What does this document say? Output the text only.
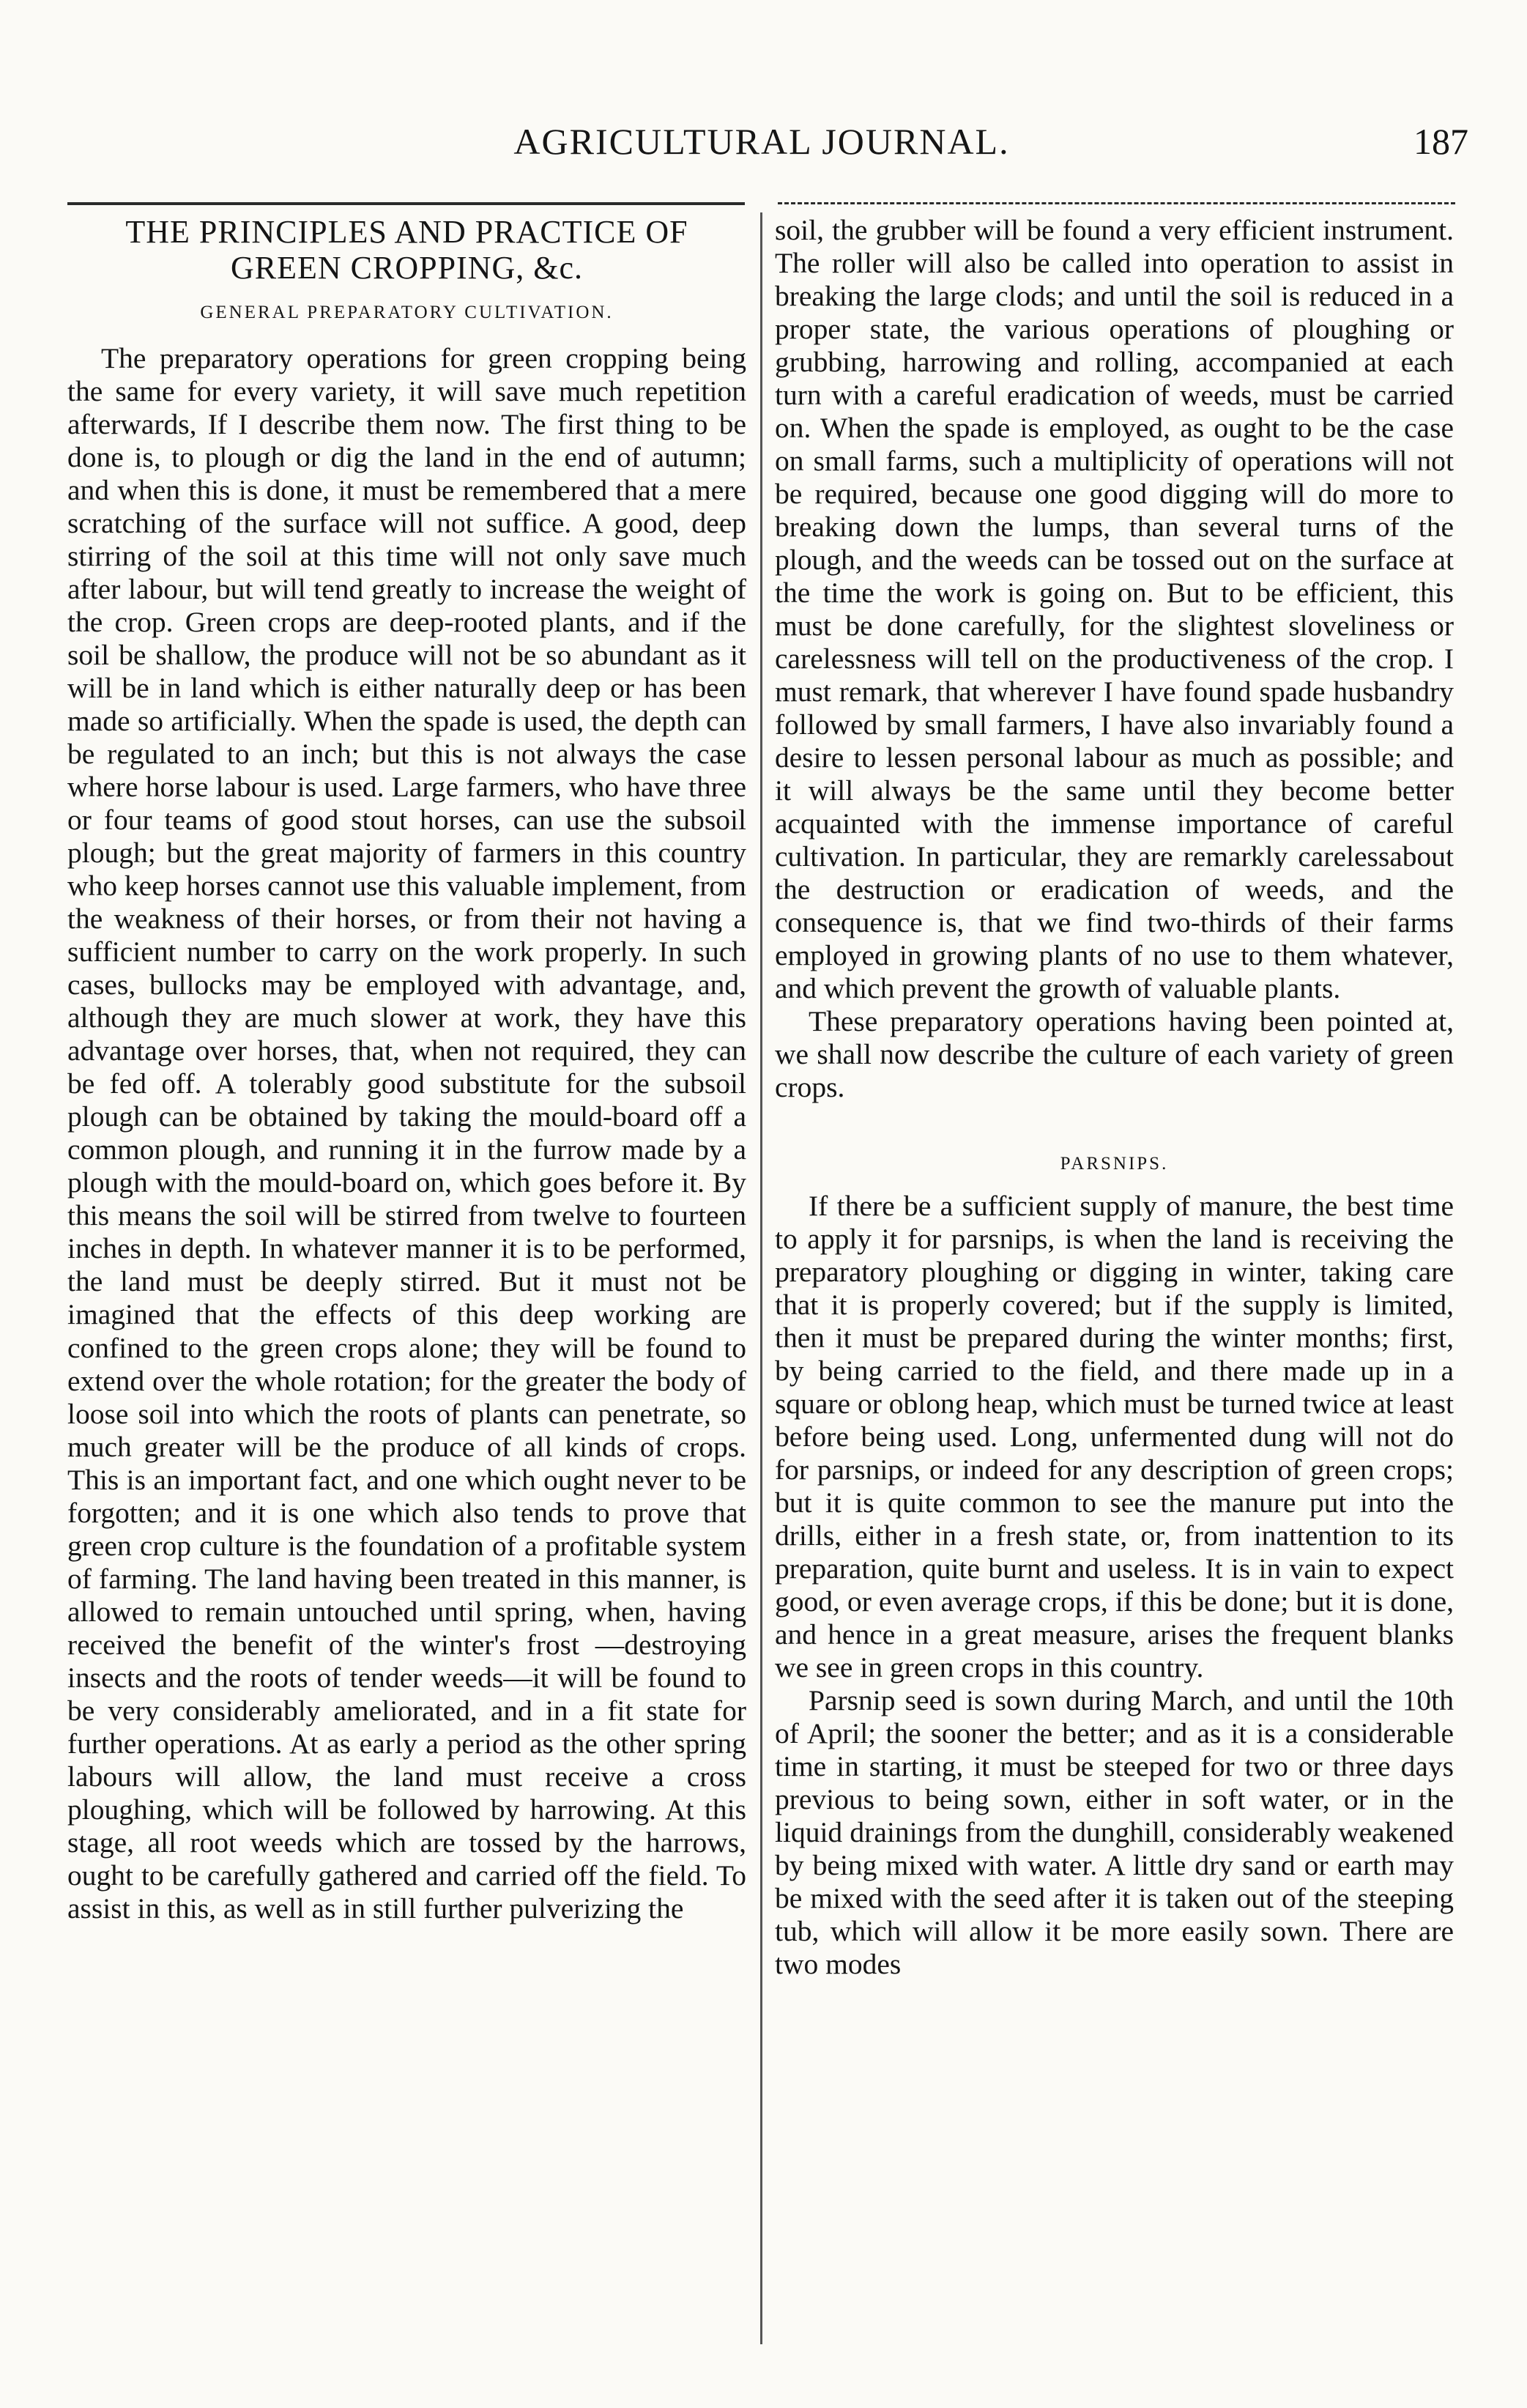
AGRICULTURAL JOURNAL.	187
THE PRINCIPLES AND PRACTICE OF GREEN CROPPING, &c.
GENERAL PREPARATORY CULTIVATION.

The preparatory operations for green cropping being the same for every variety, it will save much repetition afterwards, If I describe them now. The first thing to be done is, to plough or dig the land in the end of autumn; and when this is done, it must be remembered that a mere scratching of the surface will not suffice. A good, deep stirring of the soil at this time will not only save much after labour, but will tend greatly to increase the weight of the crop. Green crops are deep-rooted plants, and if the soil be shallow, the produce will not be so abundant as it will be in land which is either naturally deep or has been made so artificially. When the spade is used, the depth can be regulated to an inch; but this is not always the case where horse labour is used. Large farmers, who have three or four teams of good stout horses, can use the subsoil plough; but the great majority of farmers in this country who keep horses cannot use this valuable implement, from the weakness of their horses, or from their not having a sufficient number to carry on the work properly. In such cases, bullocks may be employed with advantage, and, although they are much slower at work, they have this advantage over horses, that, when not required, they can be fed off. A tolerably good substitute for the subsoil plough can be obtained by taking the mould-board off a common plough, and running it in the furrow made by a plough with the mould-board on, which goes before it. By this means the soil will be stirred from twelve to fourteen inches in depth. In whatever manner it is to be performed, the land must be deeply stirred. But it must not be imagined that the effects of this deep working are confined to the green crops alone; they will be found to extend over the whole rotation; for the greater the body of loose soil into which the roots of plants can penetrate, so much greater will be the produce of all kinds of crops. This is an important fact, and one which ought never to be forgotten; and it is one which also tends to prove that green crop culture is the foundation of a profitable system of farming. The land having been treated in this manner, is allowed to remain untouched until spring, when, having received the benefit of the winter's frost —destroying insects and the roots of tender weeds—it will be found to be very considerably ameliorated, and in a fit state for further operations. At as early a period as the other spring labours will allow, the land must receive a cross ploughing, which will be followed by harrowing. At this stage, all root weeds which are tossed by the harrows, ought to be carefully gathered and carried off the field. To assist in this, as well as in still further pulverizing the

soil, the grubber will be found a very efficient instrument. The roller will also be called into operation to assist in breaking the large clods; and until the soil is reduced in a proper state, the various operations of ploughing or grubbing, harrowing and rolling, accompanied at each turn with a careful eradication of weeds, must be carried on. When the spade is employed, as ought to be the case on small farms, such a multiplicity of operations will not be required, because one good digging will do more to breaking down the lumps, than several turns of the plough, and the weeds can be tossed out on the surface at the time the work is going on. But to be efficient, this must be done carefully, for the slightest sloveliness or carelessness will tell on the productiveness of the crop. I must remark, that wherever I have found spade husbandry followed by small farmers, I have also invariably found a desire to lessen personal labour as much as possible; and it will always be the same until they become better acquainted with the immense importance of careful cultivation. In particular, they are remarkly carelessabout the destruction or eradication of weeds, and the consequence is, that we find two-thirds of their farms employed in growing plants of no use to them whatever, and which prevent the growth of valuable plants.

These preparatory operations having been pointed at, we shall now describe the culture of each variety of green crops.

PARSNIPS.

If there be a sufficient supply of manure, the best time to apply it for parsnips, is when the land is receiving the preparatory ploughing or digging in winter, taking care that it is properly covered; but if the supply is limited, then it must be prepared during the winter months; first, by being carried to the field, and there made up in a square or oblong heap, which must be turned twice at least before being used. Long, unfermented dung will not do for parsnips, or indeed for any description of green crops; but it is quite common to see the manure put into the drills, either in a fresh state, or, from inattention to its preparation, quite burnt and useless. It is in vain to expect good, or even average crops, if this be done; but it is done, and hence in a great measure, arises the frequent blanks we see in green crops in this country.

Parsnip seed is sown during March, and until the 10th of April; the sooner the better; and as it is a considerable time in starting, it must be steeped for two or three days previous to being sown, either in soft water, or in the liquid drainings from the dunghill, considerably weakened by being mixed with water. A little dry sand or earth may be mixed with the seed after it is taken out of the steeping tub, which will allow it be more easily sown. There are two modes
